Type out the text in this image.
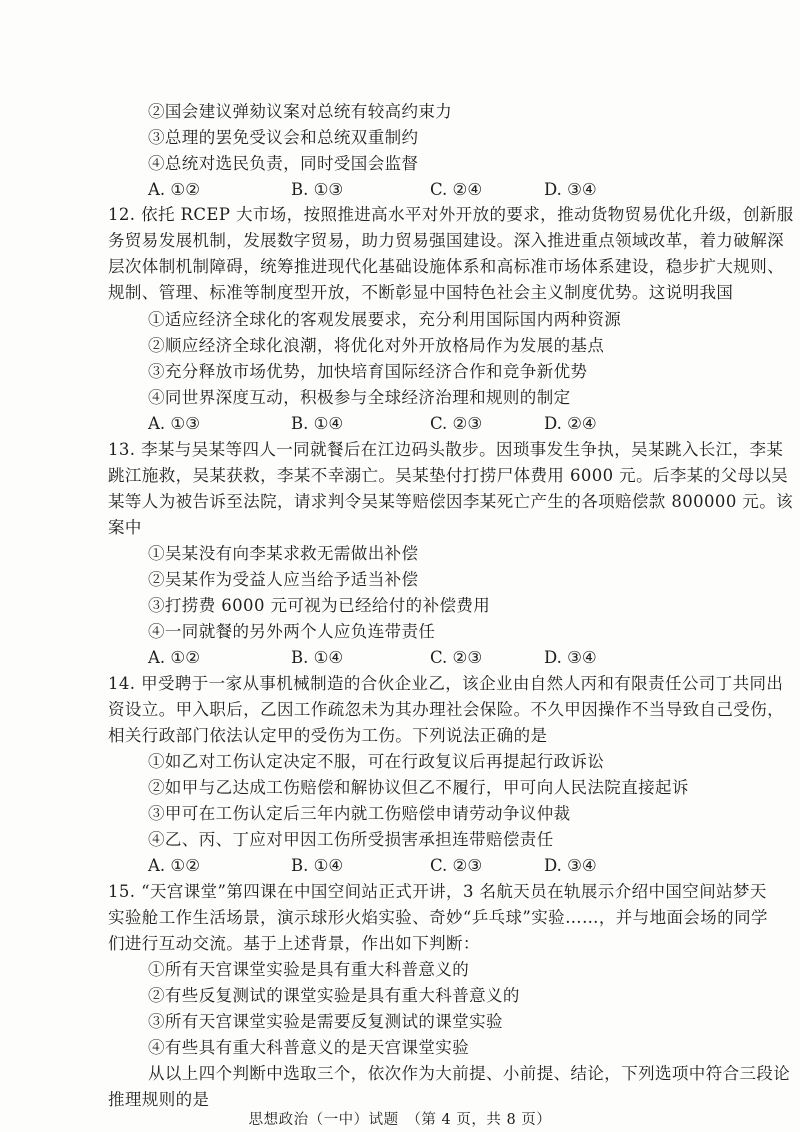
②国会建议弹劾议案对总统有较高约束力
③总理的罢免受议会和总统双重制约
④总统对选民负责，同时受国会监督
A. ①②	B. ①③	C. ②④	D. ③④
12. 依托 RCEP 大市场，按照推进高水平对外开放的要求，推动货物贸易优化升级，创新服
务贸易发展机制，发展数字贸易，助力贸易强国建设。深入推进重点领域改革，着力破解深
层次体制机制障碍，统筹推进现代化基础设施体系和高标准市场体系建设，稳步扩大规则、
规制、管理、标准等制度型开放，不断彰显中国特色社会主义制度优势。这说明我国
①适应经济全球化的客观发展要求，充分利用国际国内两种资源
②顺应经济全球化浪潮，将优化对外开放格局作为发展的基点
③充分释放市场优势，加快培育国际经济合作和竞争新优势
④同世界深度互动，积极参与全球经济治理和规则的制定
A. ①③	B. ①④	C. ②③	D. ②④
13. 李某与吴某等四人一同就餐后在江边码头散步。因琐事发生争执，吴某跳入长江，李某
跳江施救，吴某获救，李某不幸溺亡。吴某垫付打捞尸体费用 6000 元。后李某的父母以吴
某等人为被告诉至法院，请求判令吴某等赔偿因李某死亡产生的各项赔偿款 800000 元。该
案中
①吴某没有向李某求救无需做出补偿
②吴某作为受益人应当给予适当补偿
③打捞费 6000 元可视为已经给付的补偿费用
④一同就餐的另外两个人应负连带责任
A. ①②	B. ①④	C. ②③	D. ③④
14. 甲受聘于一家从事机械制造的合伙企业乙，该企业由自然人丙和有限责任公司丁共同出
资设立。甲入职后，乙因工作疏忽未为其办理社会保险。不久甲因操作不当导致自己受伤，
相关行政部门依法认定甲的受伤为工伤。下列说法正确的是
①如乙对工伤认定决定不服，可在行政复议后再提起行政诉讼
②如甲与乙达成工伤赔偿和解协议但乙不履行，甲可向人民法院直接起诉
③甲可在工伤认定后三年内就工伤赔偿申请劳动争议仲裁
④乙、丙、丁应对甲因工伤所受损害承担连带赔偿责任
A. ①②	B. ①④	C. ②③	D. ③④
15. “天宫课堂”第四课在中国空间站正式开讲，3 名航天员在轨展示介绍中国空间站梦天
实验舱工作生活场景，演示球形火焰实验、奇妙“乒乓球”实验……，并与地面会场的同学
们进行互动交流。基于上述背景，作出如下判断：
①所有天宫课堂实验是具有重大科普意义的
②有些反复测试的课堂实验是具有重大科普意义的
③所有天宫课堂实验是需要反复测试的课堂实验
④有些具有重大科普意义的是天宫课堂实验
从以上四个判断中选取三个，依次作为大前提、小前提、结论，下列选项中符合三段论
推理规则的是
思想政治（一中）试题　（第 4 页，共 8 页）
